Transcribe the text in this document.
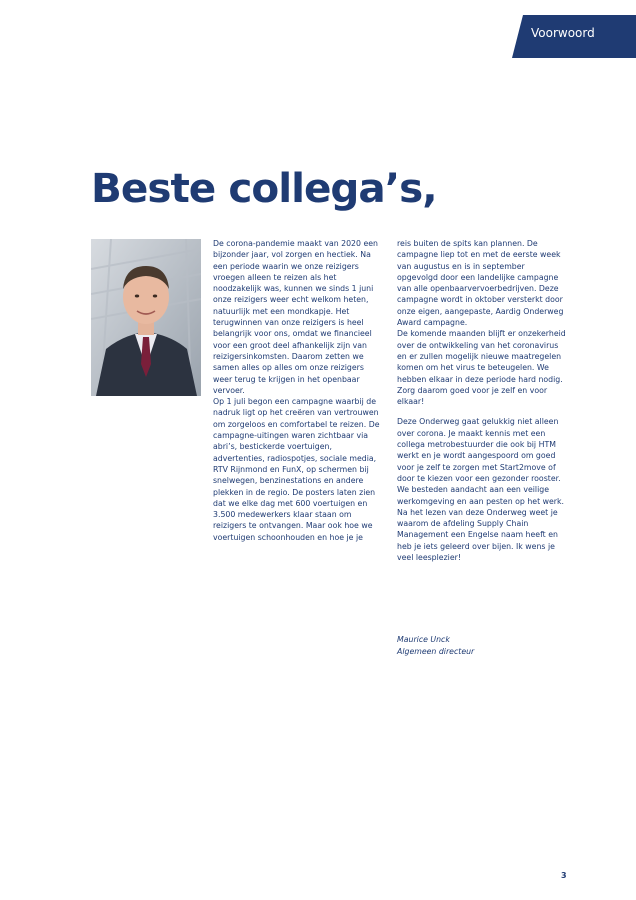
Voorwoord
Beste collega’s,

De corona-pandemie maakt van 2020 een bijzonder jaar, vol zorgen en hectiek. Na een periode waarin we onze reizigers vroegen alleen te reizen als het noodzakelijk was, kunnen we sinds 1 juni onze reizigers weer echt welkom heten, natuurlijk met een mondkapje. Het terugwinnen van onze reizigers is heel belangrijk voor ons, omdat we financieel voor een groot deel afhankelijk zijn van reizigersinkomsten. Daarom zetten we samen alles op alles om onze reizigers weer terug te krijgen in het openbaar vervoer.

Op 1 juli begon een campagne waarbij de nadruk ligt op het creëren van vertrouwen om zorgeloos en comfortabel te reizen. De campagne-uitingen waren zichtbaar via abri’s, bestickerde voertuigen, advertenties, radiospotjes, sociale media, RTV Rijnmond en FunX, op schermen bij snelwegen, benzinestations en andere plekken in de regio. De posters laten zien dat we elke dag met 600 voertuigen en 3.500 medewerkers klaar staan om reizigers te ontvangen. Maar ook hoe we voertuigen schoonhouden en hoe je je

reis buiten de spits kan plannen. De campagne liep tot en met de eerste week van augustus en is in september opgevolgd door een landelijke campagne van alle openbaarvervoerbedrijven. Deze campagne wordt in oktober versterkt door onze eigen, aangepaste, Aardig Onderweg Award campagne.

De komende maanden blijft er onzekerheid over de ontwikkeling van het coronavirus en er zullen mogelijk nieuwe maatregelen komen om het virus te beteugelen. We hebben elkaar in deze periode hard nodig. Zorg daarom goed voor je zelf en voor elkaar!

Deze Onderweg gaat gelukkig niet alleen over corona. Je maakt kennis met een collega metrobestuurder die ook bij HTM werkt en je wordt aangespoord om goed voor je zelf te zorgen met Start2move of door te kiezen voor een gezonder rooster. We besteden aandacht aan een veilige werkomgeving en aan pesten op het werk. Na het lezen van deze Onderweg weet je waarom de afdeling Supply Chain Management een Engelse naam heeft en heb je iets geleerd over bijen. Ik wens je veel leesplezier!

Maurice Unck
Algemeen directeur
3
